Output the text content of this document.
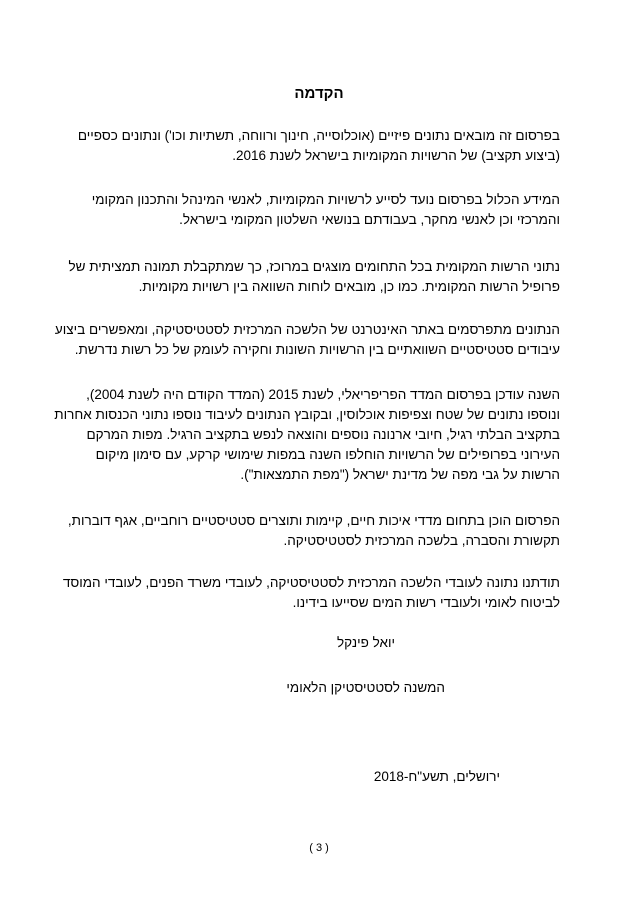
הקדמה

בפרסום זה מובאים נתונים פיזיים (אוכלוסייה, חינוך ורווחה, תשתיות וכו') ונתונים כספיים
(ביצוע תקציב) של הרשויות המקומיות בישראל לשנת 2016.

המידע הכלול בפרסום נועד לסייע לרשויות המקומיות, לאנשי המינהל והתכנון המקומי
והמרכזי וכן לאנשי מחקר, בעבודתם בנושאי השלטון המקומי בישראל.

נתוני הרשות המקומית בכל התחומים מוצגים במרוכז, כך שמתקבלת תמונה תמציתית של
פרופיל הרשות המקומית. כמו כן, מובאים לוחות השוואה בין רשויות מקומיות.

הנתונים מתפרסמים באתר האינטרנט של הלשכה המרכזית לסטטיסטיקה, ומאפשרים ביצוע
עיבודים סטטיסטיים השוואתיים בין הרשויות השונות וחקירה לעומק של כל רשות נדרשת.

השנה עודכן בפרסום המדד הפריפריאלי, לשנת 2015 (המדד הקודם היה לשנת 2004),
ונוספו נתונים של שטח וצפיפות אוכלוסין, ובקובץ הנתונים לעיבוד נוספו נתוני הכנסות אחרות
בתקציב הבלתי רגיל, חיובי ארנונה נוספים והוצאה לנפש בתקציב הרגיל. מפות המרקם
העירוני בפרופילים של הרשויות הוחלפו השנה במפות שימושי קרקע, עם סימון מיקום
הרשות על גבי מפה של מדינת ישראל ("מפת התמצאות").

הפרסום הוכן בתחום מדדי איכות חיים, קיימות ותוצרים סטטיסטיים רוחביים, אגף דוברות,
תקשורת והסברה, בלשכה המרכזית לסטטיסטיקה.

תודתנו נתונה לעובדי הלשכה המרכזית לסטטיסטיקה, לעובדי משרד הפנים, לעובדי המוסד
לביטוח לאומי ולעובדי רשות המים שסייעו בידינו.

יואל פינקל

המשנה לסטטיסטיקן הלאומי

ירושלים, תשע"ח-2018

( 3 )
